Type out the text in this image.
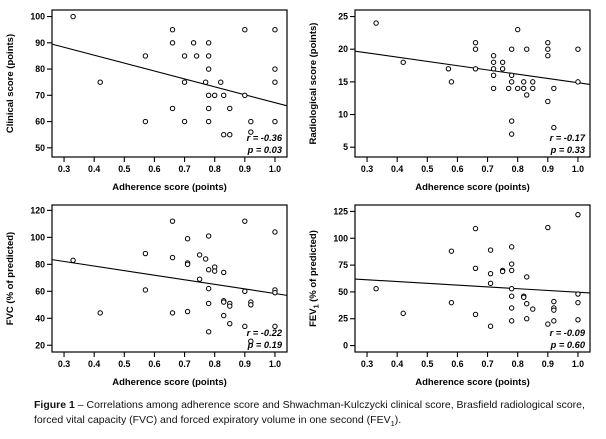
50
60
70
80
90
100
0.3 0.4 0.5 0.6 0.7 0.8 0.9 1.0
r = -0.36
p = 0.03
Adherence score (points)
Clinical score (points)
5
10
15
20
25
0.3 0.4 0.5 0.6 0.7 0.8 0.9 1.0
r = -0.17
p = 0.33
Adherence score (points)
Radiological score (points)
20
40
60
80
100
120
0.3 0.4 0.5 0.6 0.7 0.8 0.9 1.0
r = -0.22
p = 0.19
Adherence score (points)
FVC (% of predicted)
0
25
50
75
100
125
0.3 0.4 0.5 0.6 0.7 0.8 0.9 1.0
r = -0.09
p = 0.60
Adherence score (points)
$FEV_1$ (% of predicted)

Figure 1 – Correlations among adherence score and Shwachman-Kulczycki clinical score, Brasfield radiological score, forced vital capacity (FVC) and forced expiratory volume in one second $(FEV_1)$.
